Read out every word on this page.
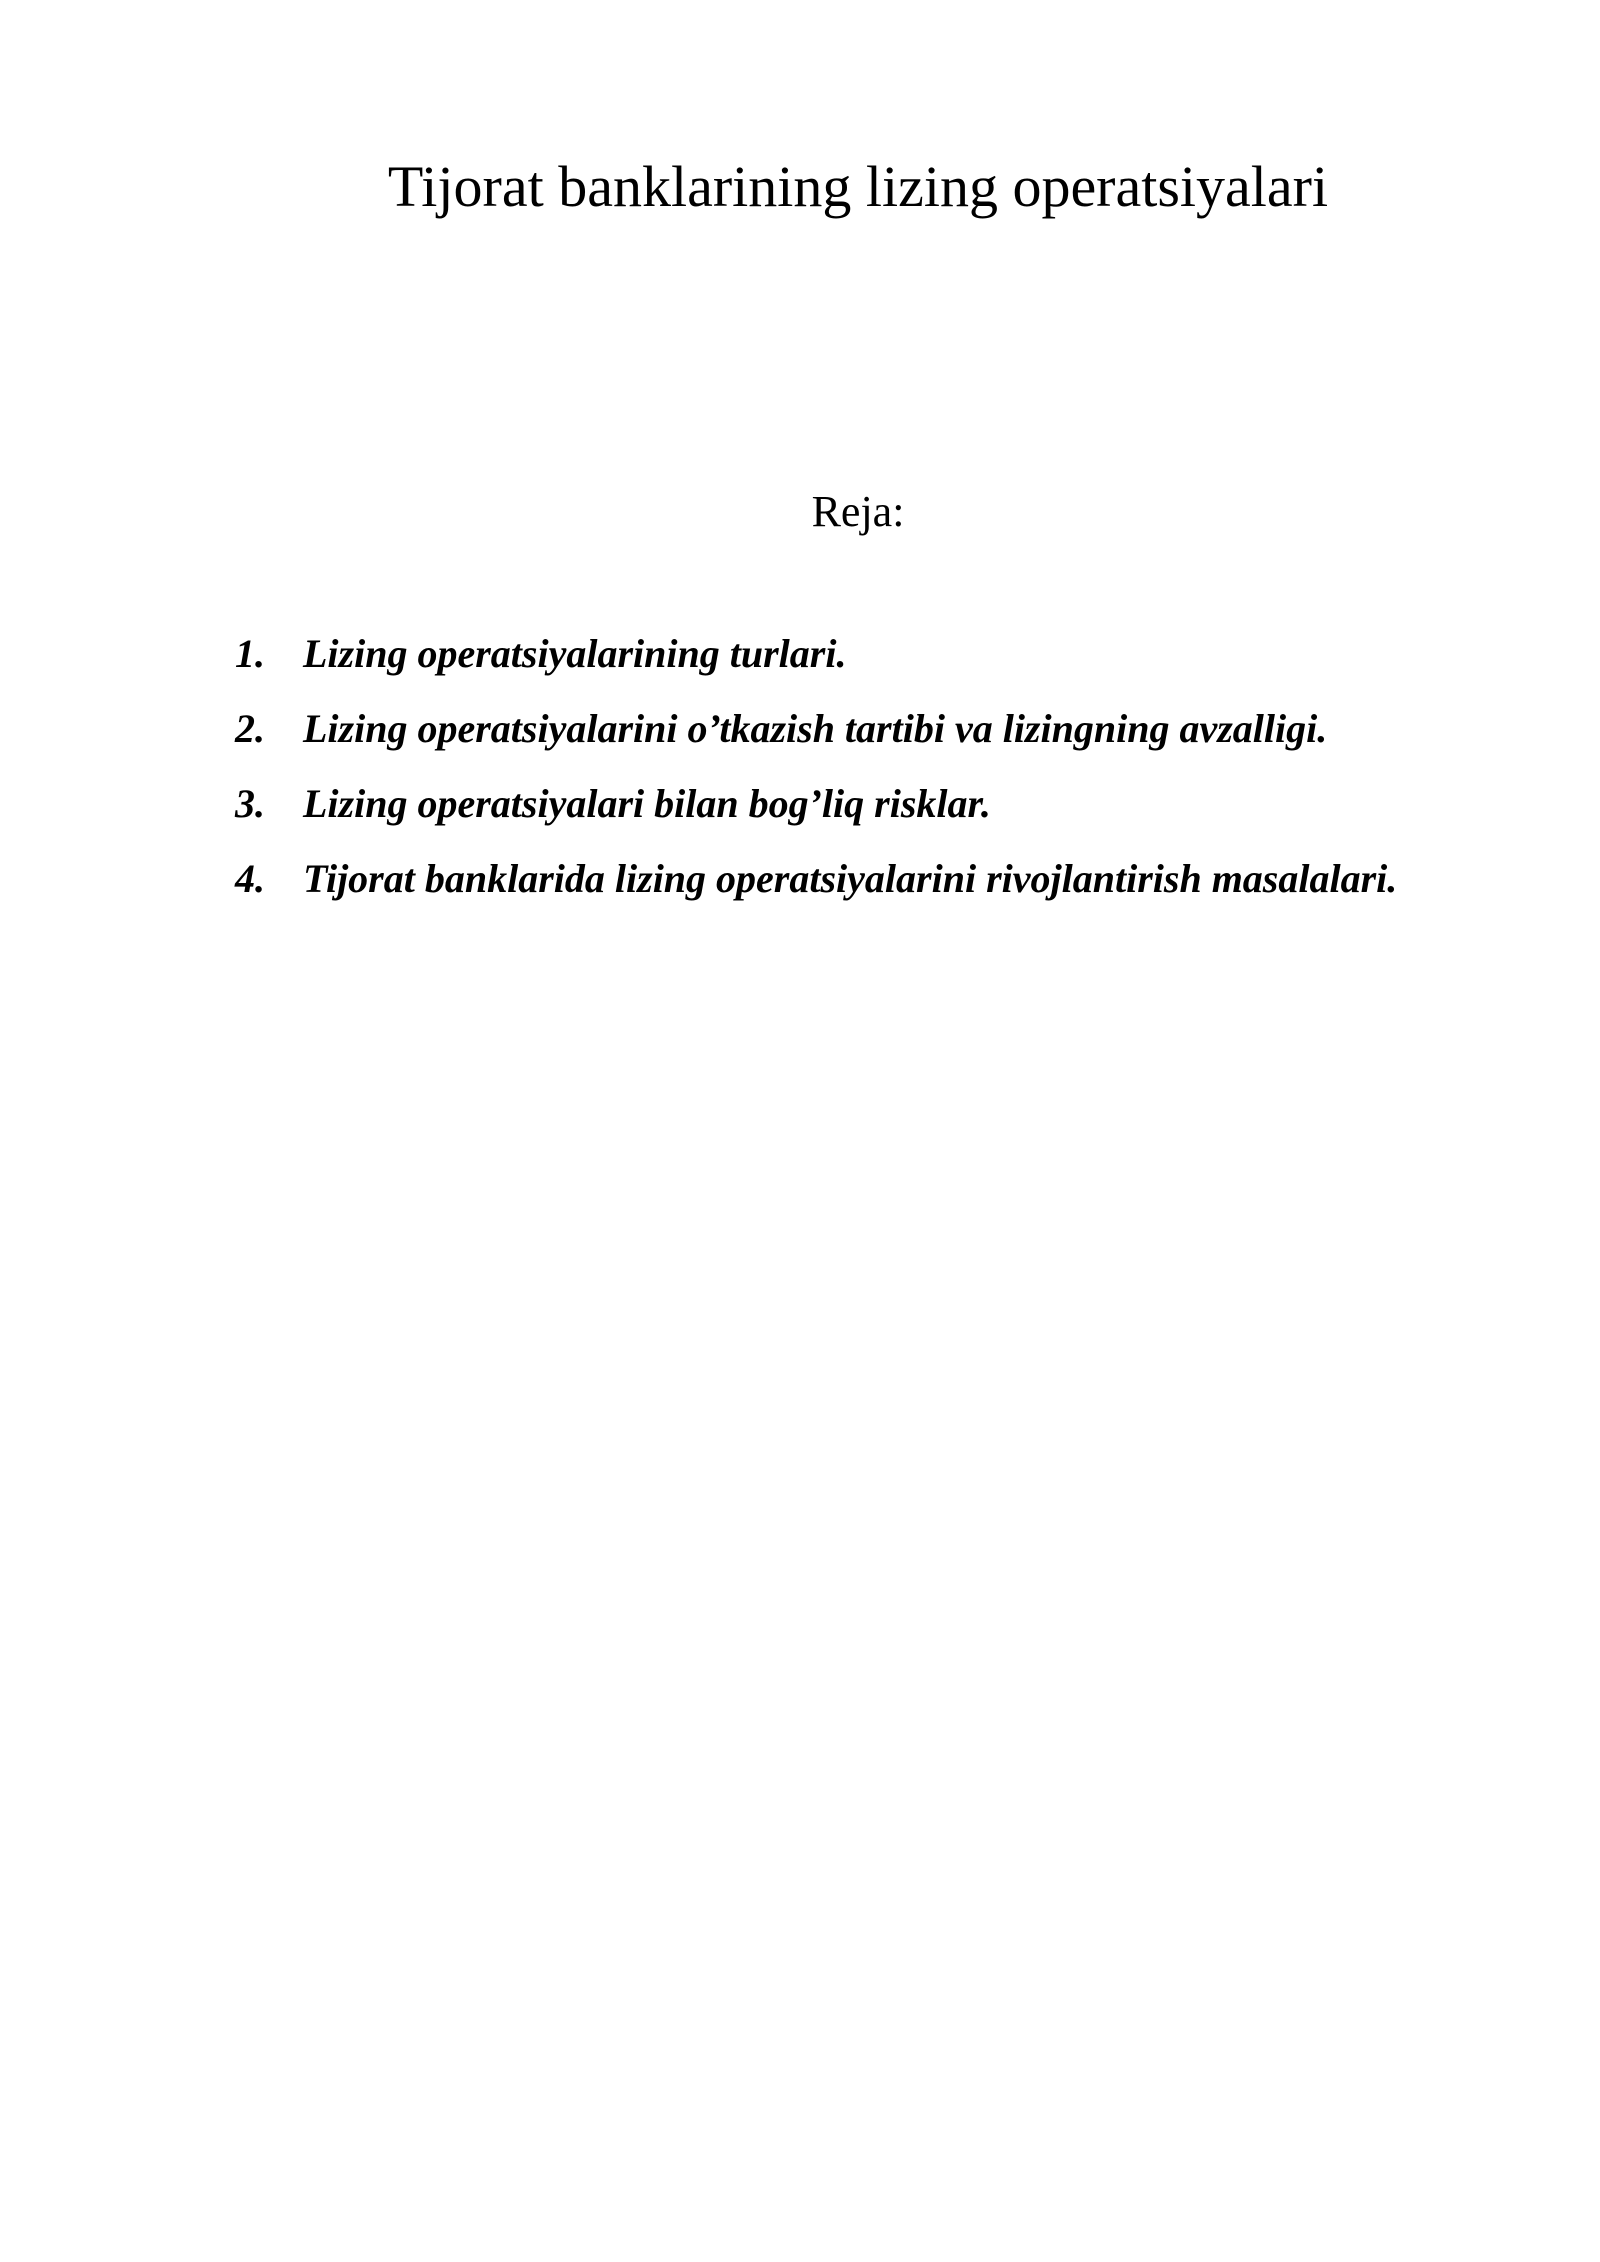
Tijorat banklarining lizing operatsiyalari
Reja:
1. Lizing operatsiyalarining turlari.
2. Lizing operatsiyalarini o’tkazish tartibi va lizingning avzalligi.
3. Lizing operatsiyalari bilan bog’liq risklar.
4. Tijorat banklarida lizing operatsiyalarini rivojlantirish masalalari.
